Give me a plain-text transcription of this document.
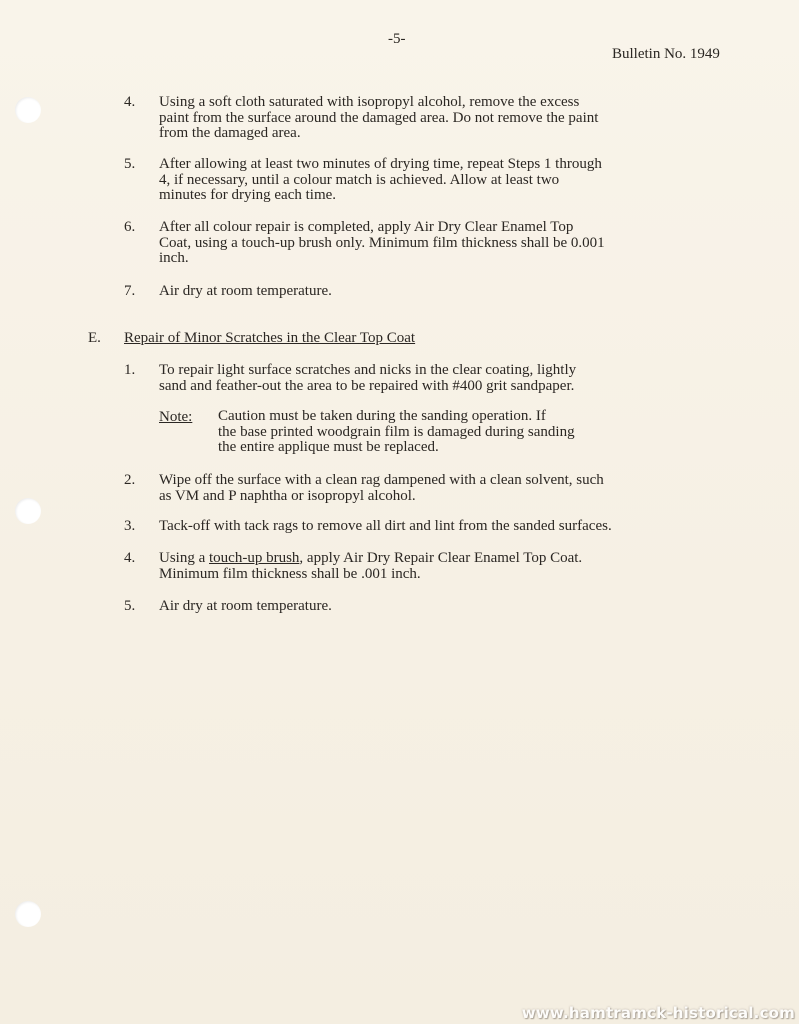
-5-
Bulletin No. 1949
4. Using a soft cloth saturated with isopropyl alcohol, remove the excess
paint from the surface around the damaged area. Do not remove the paint
from the damaged area.
5. After allowing at least two minutes of drying time, repeat Steps 1 through
4, if necessary, until a colour match is achieved. Allow at least two
minutes for drying each time.
6. After all colour repair is completed, apply Air Dry Clear Enamel Top
Coat, using a touch-up brush only. Minimum film thickness shall be 0.001
inch.
7. Air dry at room temperature.
E. Repair of Minor Scratches in the Clear Top Coat
1. To repair light surface scratches and nicks in the clear coating, lightly
sand and feather-out the area to be repaired with #400 grit sandpaper.
Note: Caution must be taken during the sanding operation. If
the base printed woodgrain film is damaged during sanding
the entire applique must be replaced.
2. Wipe off the surface with a clean rag dampened with a clean solvent, such
as VM and P naphtha or isopropyl alcohol.
3. Tack-off with tack rags to remove all dirt and lint from the sanded surfaces.
4. Using a touch-up brush, apply Air Dry Repair Clear Enamel Top Coat.
Minimum film thickness shall be .001 inch.
5. Air dry at room temperature.
www.hamtramck-historical.com
